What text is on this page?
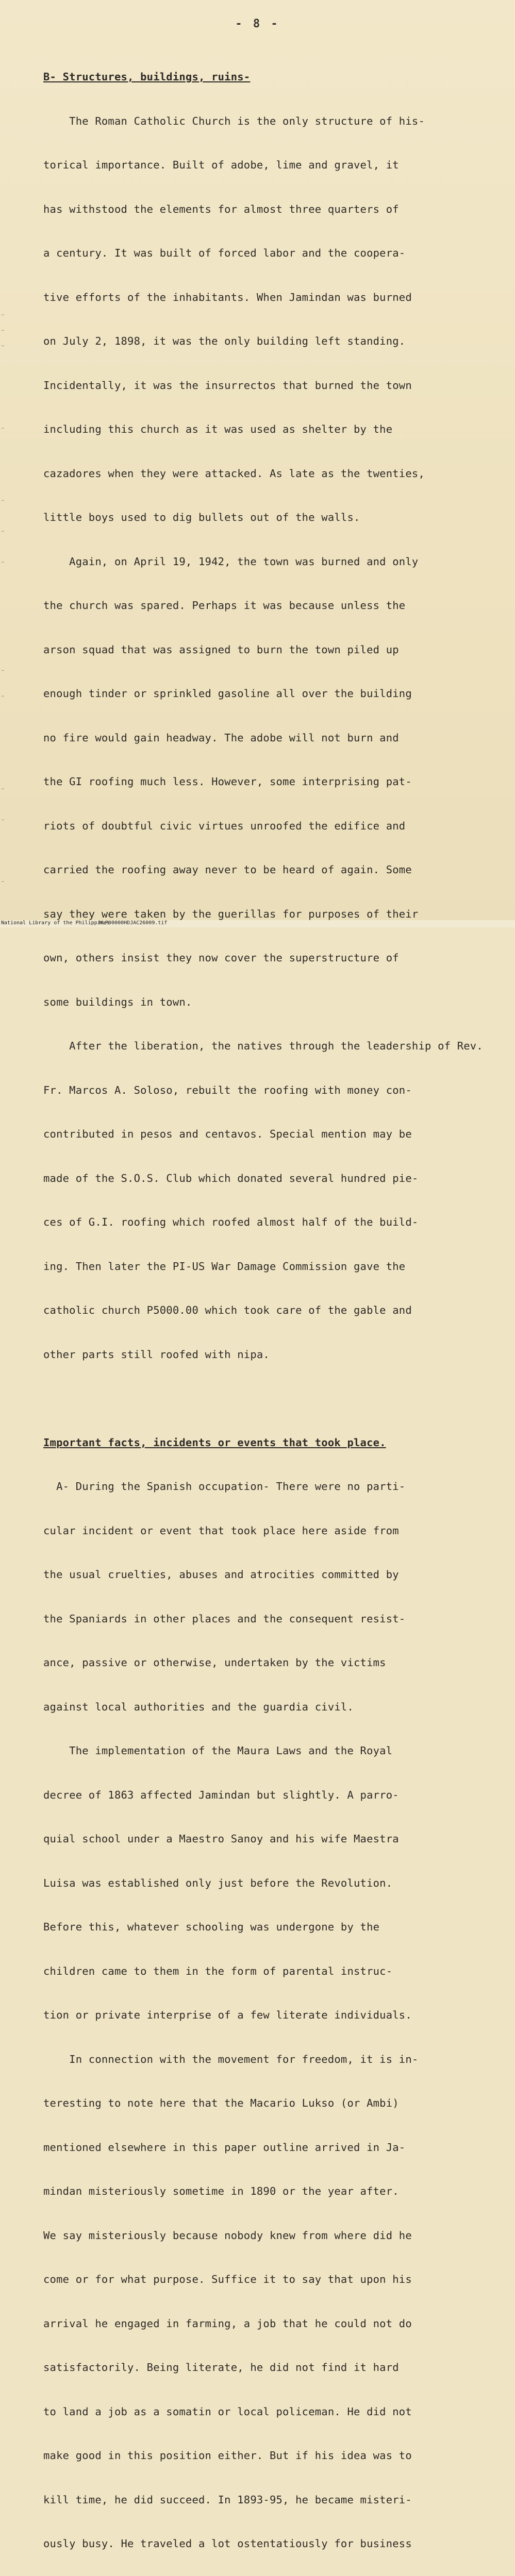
- 8 -
-
-
-
-
-
-
-
-
-
-
-
-

B- Structures, buildings, ruins-

The Roman Catholic Church is the only structure of his-

torical importance. Built of adobe, lime and gravel, it

has withstood the elements for almost three quarters of

a century. It was built of forced labor and the coopera-

tive efforts of the inhabitants. When Jamindan was burned

on July 2, 1898, it was the only building left standing.

Incidentally, it was the insurrectos that burned the town

including this church as it was used as shelter by the

cazadores when they were attacked. As late as the twenties,

little boys used to dig bullets out of the walls.

Again, on April 19, 1942, the town was burned and only

the church was spared. Perhaps it was because unless the

arson squad that was assigned to burn the town piled up

enough tinder or sprinkled gasoline all over the building

no fire would gain headway. The adobe will not burn and

the GI roofing much less. However, some interprising pat-

riots of doubtful civic virtues unroofed the edifice and

carried the roofing away never to be heard of again. Some

say they were taken by the guerillas for purposes of their

own, others insist they now cover the superstructure of

some buildings in town.

After the liberation, the natives through the leadership of Rev.

Fr. Marcos A. Soloso, rebuilt the roofing with money con-

contributed in pesos and centavos. Special mention may be

made of the S.O.S. Club which donated several hundred pie-

ces of G.I. roofing which roofed almost half of the build-

ing. Then later the PI-US War Damage Commission gave the

catholic church P5000.00 which took care of the gable and

other parts still roofed with nipa.

Important facts, incidents or events that took place.

A- During the Spanish occupation- There were no parti-

cular incident or event that took place here aside from

the usual cruelties, abuses and atrocities committed by

the Spaniards in other places and the consequent resist-

ance, passive or otherwise, undertaken by the victims

against local authorities and the guardia civil.

The implementation of the Maura Laws and the Royal

decree of 1863 affected Jamindan but slightly. A parro-

quial school under a Maestro Sanoy and his wife Maestra

Luisa was established only just before the Revolution.

Before this, whatever schooling was undergone by the

children came to them in the form of parental instruc-

tion or private interprise of a few literate individuals.

In connection with the movement for freedom, it is in-

teresting to note here that the Macario Lukso (or Ambi)

mentioned elsewhere in this paper outline arrived in Ja-

mindan misteriously sometime in 1890 or the year after.

We say misteriously because nobody knew from where did he

come or for what purpose. Suffice it to say that upon his

arrival he engaged in farming, a job that he could not do

satisfactorily. Being literate, he did not find it hard

to land a job as a somatin or local policeman. He did not

make good in this position either. But if his idea was to

kill time, he did succeed. In 1893-95, he became misteri-

ously busy. He traveled a lot ostentatiously for business

National Library of the Philippines
NLP00000HDJAC26009.tif
